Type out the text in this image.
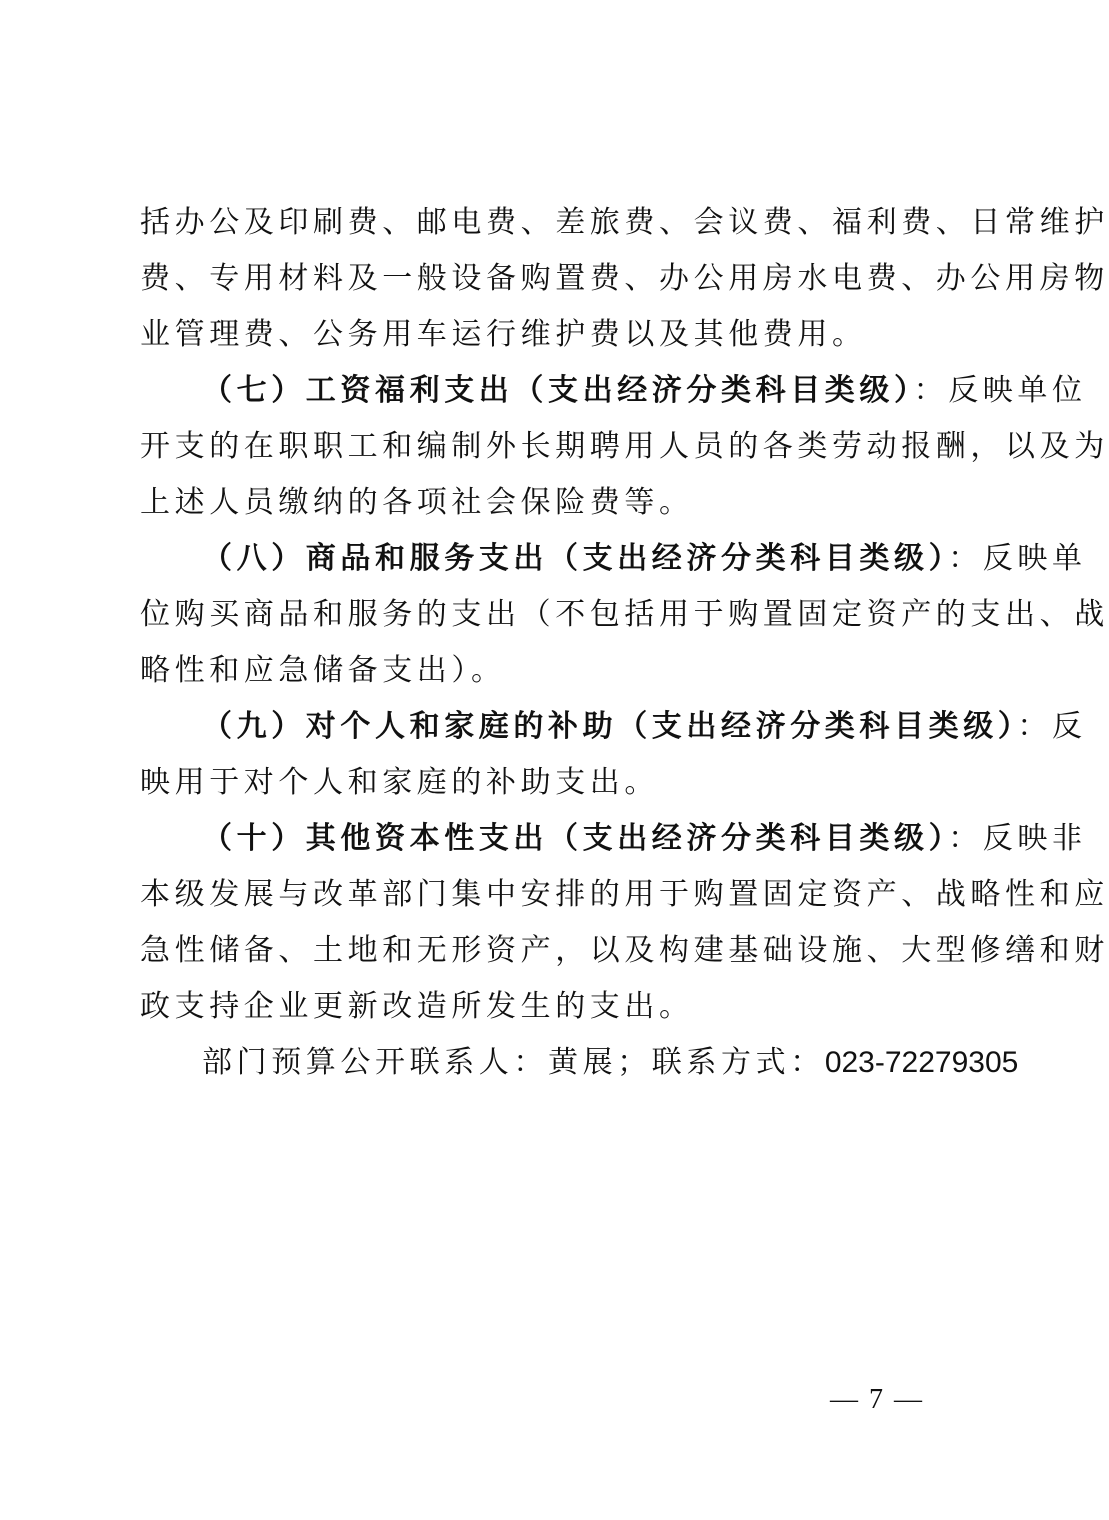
括办公及印刷费、邮电费、差旅费、会议费、福利费、日常维护
费、专用材料及一般设备购置费、办公用房水电费、办公用房物
业管理费、公务用车运行维护费以及其他费用。
（七）工资福利支出（支出经济分类科目类级）：反映单位
开支的在职职工和编制外长期聘用人员的各类劳动报酬，以及为
上述人员缴纳的各项社会保险费等。
（八）商品和服务支出（支出经济分类科目类级）：反映单
位购买商品和服务的支出（不包括用于购置固定资产的支出、战
略性和应急储备支出）。
（九）对个人和家庭的补助（支出经济分类科目类级）：反
映用于对个人和家庭的补助支出。
（十）其他资本性支出（支出经济分类科目类级）：反映非
本级发展与改革部门集中安排的用于购置固定资产、战略性和应
急性储备、土地和无形资产，以及构建基础设施、大型修缮和财
政支持企业更新改造所发生的支出。
部门预算公开联系人：黄展；联系方式：023-72279305
— 7 —
